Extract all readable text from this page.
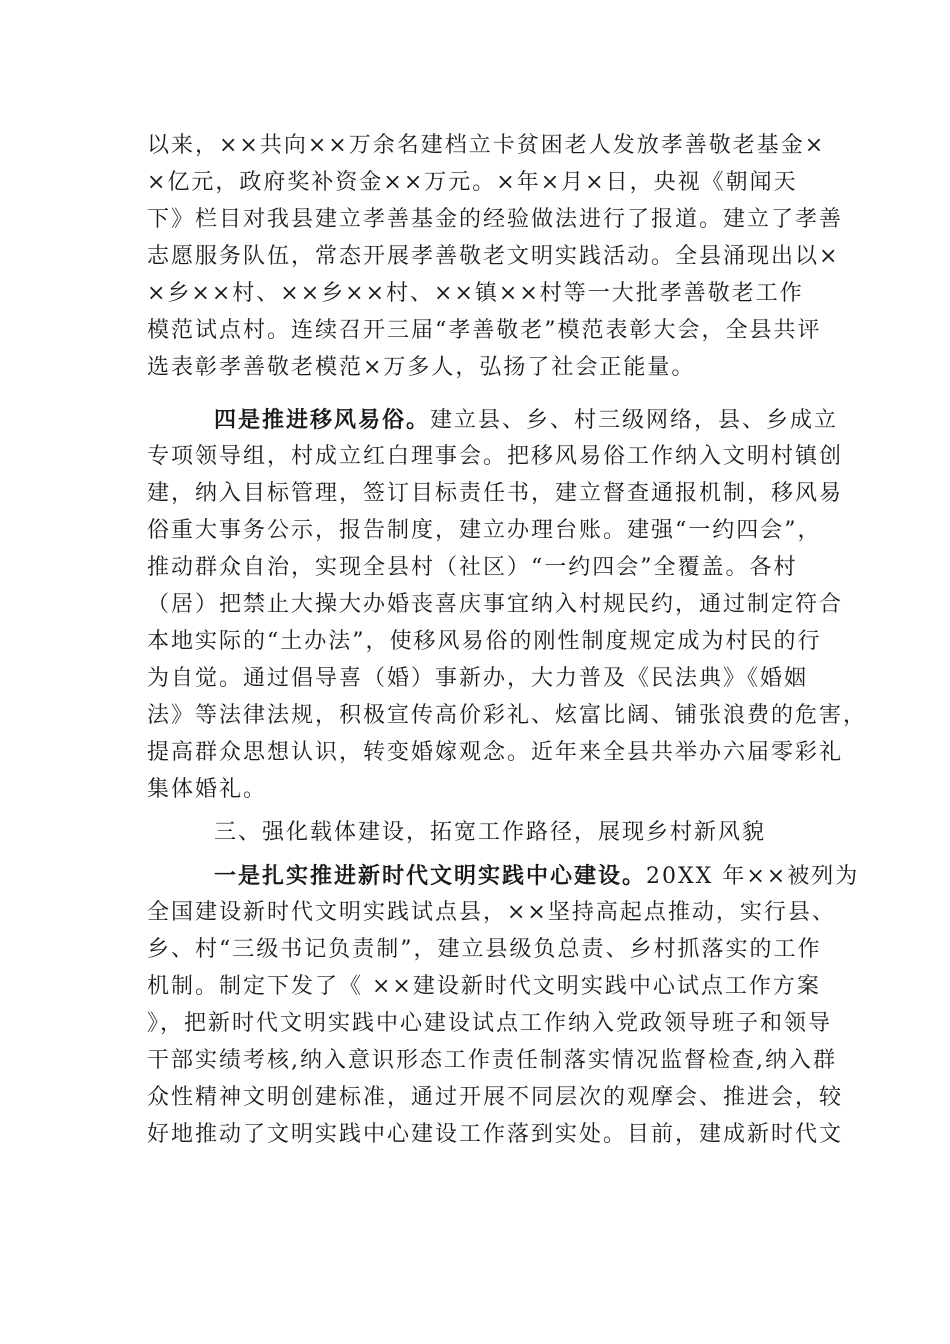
以来，××共向××万余名建档立卡贫困老人发放孝善敬老基金×
×亿元，政府奖补资金××万元。×年×月×日，央视《朝闻天
下》栏目对我县建立孝善基金的经验做法进行了报道。建立了孝善
志愿服务队伍，常态开展孝善敬老文明实践活动。全县涌现出以×
×乡××村、××乡××村、××镇××村等一大批孝善敬老工作
模范试点村。连续召开三届“孝善敬老”模范表彰大会，全县共评
选表彰孝善敬老模范×万多人，弘扬了社会正能量。
四是推进移风易俗。建立县、乡、村三级网络，县、乡成立
专项领导组，村成立红白理事会。把移风易俗工作纳入文明村镇创
建，纳入目标管理，签订目标责任书，建立督查通报机制，移风易
俗重大事务公示，报告制度，建立办理台账。建强“一约四会”，
推动群众自治，实现全县村（社区）“一约四会”全覆盖。各村
（居）把禁止大操大办婚丧喜庆事宜纳入村规民约，通过制定符合
本地实际的“土办法”，使移风易俗的刚性制度规定成为村民的行
为自觉。通过倡导喜（婚）事新办，大力普及《民法典》《婚姻
法》等法律法规，积极宣传高价彩礼、炫富比阔、铺张浪费的危害，
提高群众思想认识，转变婚嫁观念。近年来全县共举办六届零彩礼
集体婚礼。
三、强化载体建设，拓宽工作路径，展现乡村新风貌
一是扎实推进新时代文明实践中心建设。20XX 年××被列为
全国建设新时代文明实践试点县，××坚持高起点推动，实行县、
乡、村“三级书记负责制”，建立县级负总责、乡村抓落实的工作
机制。制定下发了《 ××建设新时代文明实践中心试点工作方案
》，把新时代文明实践中心建设试点工作纳入党政领导班子和领导
干部实绩考核,纳入意识形态工作责任制落实情况监督检查,纳入群
众性精神文明创建标准，通过开展不同层次的观摩会、推进会，较
好地推动了文明实践中心建设工作落到实处。目前，建成新时代文
